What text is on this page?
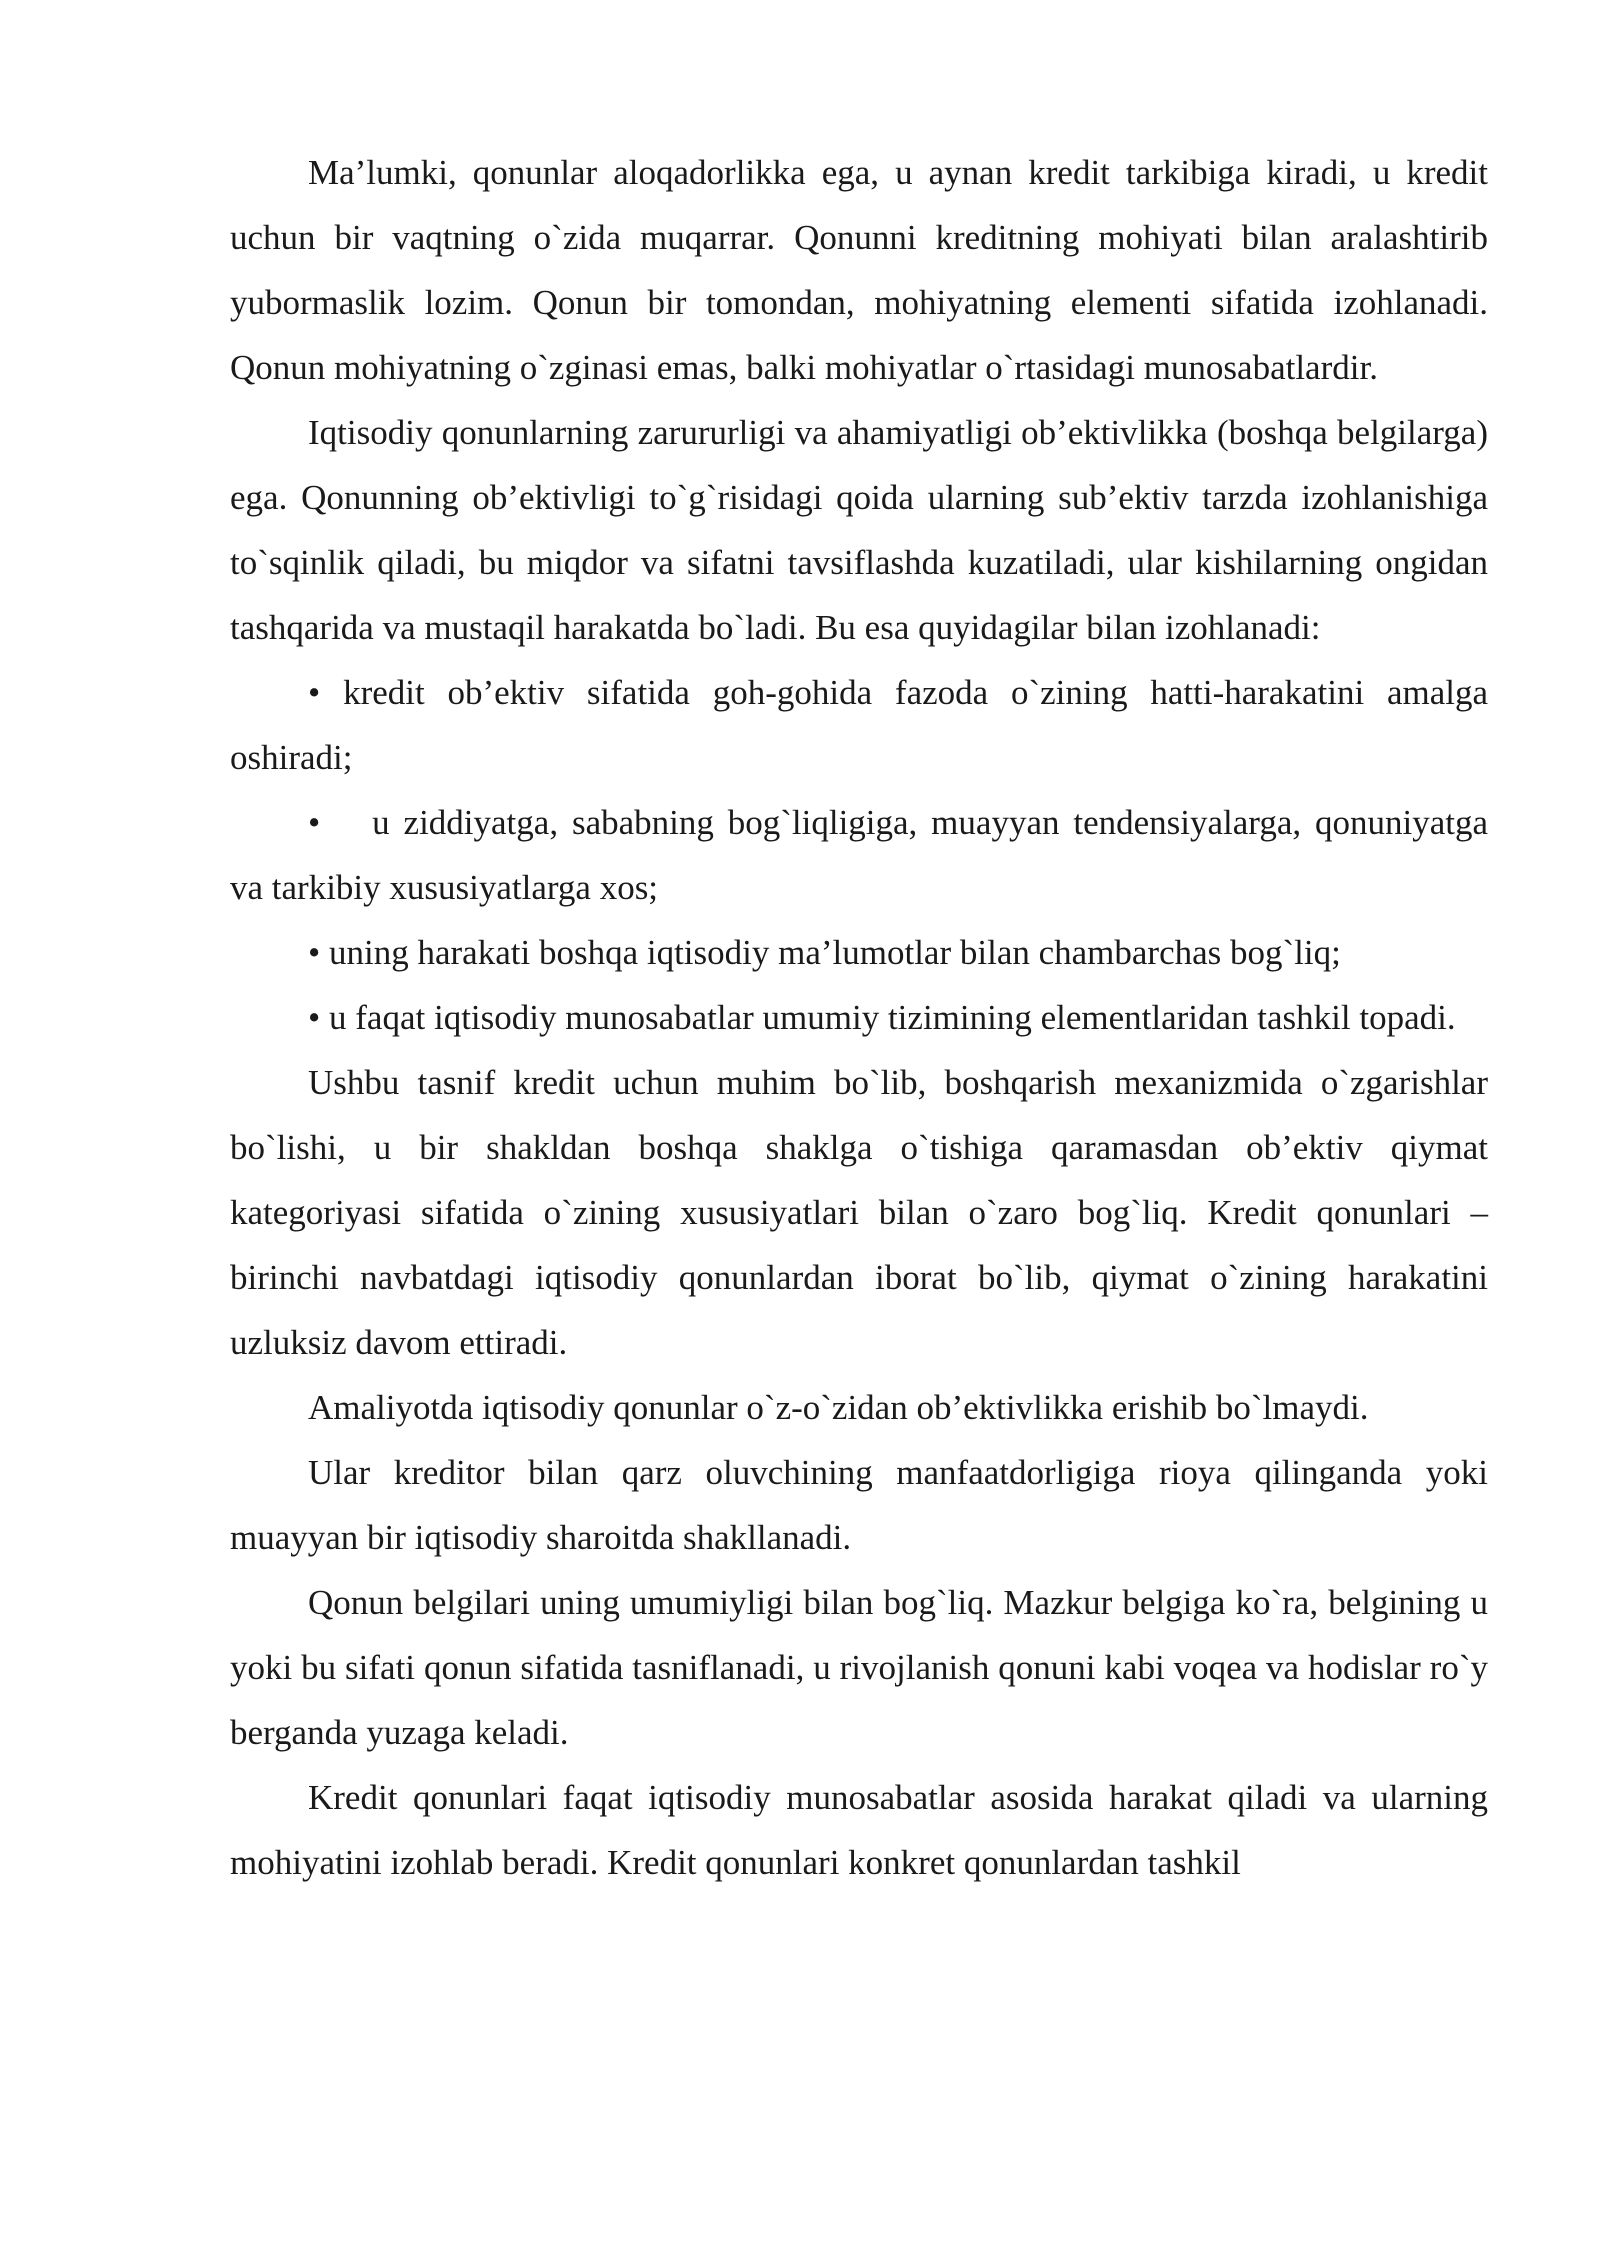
Ma’lumki, qonunlar aloqadorlikka ega, u aynan kredit tarkibiga kiradi, u kredit uchun bir vaqtning o`zida muqarrar. Qonunni kreditning mohiyati bilan aralashtirib yubormaslik lozim. Qonun bir tomondan, mohiyatning elementi sifatida izohlanadi. Qonun mohiyatning o`zginasi emas, balki mohiyatlar o`rtasidagi munosabatlardir.

Iqtisodiy qonunlarning zarururligi va ahamiyatligi ob’ektivlikka (boshqa belgilarga) ega. Qonunning ob’ektivligi to`g`risidagi qoida ularning sub’ektiv tarzda izohlanishiga to`sqinlik qiladi, bu miqdor va sifatni tavsiflashda kuzatiladi, ular kishilarning ongidan tashqarida va mustaqil harakatda bo`ladi. Bu esa quyidagilar bilan izohlanadi:

• kredit ob’ektiv sifatida goh-gohida fazoda o`zining hatti-harakatini amalga oshiradi;

• u ziddiyatga, sababning bog`liqligiga, muayyan tendensiyalarga, qonuniyatga va tarkibiy xususiyatlarga xos;

• uning harakati boshqa iqtisodiy ma’lumotlar bilan chambarchas bog`liq;

• u faqat iqtisodiy munosabatlar umumiy tizimining elementlaridan tashkil topadi.

Ushbu tasnif kredit uchun muhim bo`lib, boshqarish mexanizmida o`zgarishlar bo`lishi, u bir shakldan boshqa shaklga o`tishiga qaramasdan ob’ektiv qiymat kategoriyasi sifatida o`zining xususiyatlari bilan o`zaro bog`liq. Kredit qonunlari – birinchi navbatdagi iqtisodiy qonunlardan iborat bo`lib, qiymat o`zining harakatini uzluksiz davom ettiradi.

Amaliyotda iqtisodiy qonunlar o`z-o`zidan ob’ektivlikka erishib bo`lmaydi.

Ular kreditor bilan qarz oluvchining manfaatdorligiga rioya qilinganda yoki muayyan bir iqtisodiy sharoitda shakllanadi.

Qonun belgilari uning umumiyligi bilan bog`liq. Mazkur belgiga ko`ra, belgining u yoki bu sifati qonun sifatida tasniflanadi, u rivojlanish qonuni kabi voqea va hodislar ro`y berganda yuzaga keladi.

Kredit qonunlari faqat iqtisodiy munosabatlar asosida harakat qiladi va ularning mohiyatini izohlab beradi. Kredit qonunlari konkret qonunlardan tashkil
